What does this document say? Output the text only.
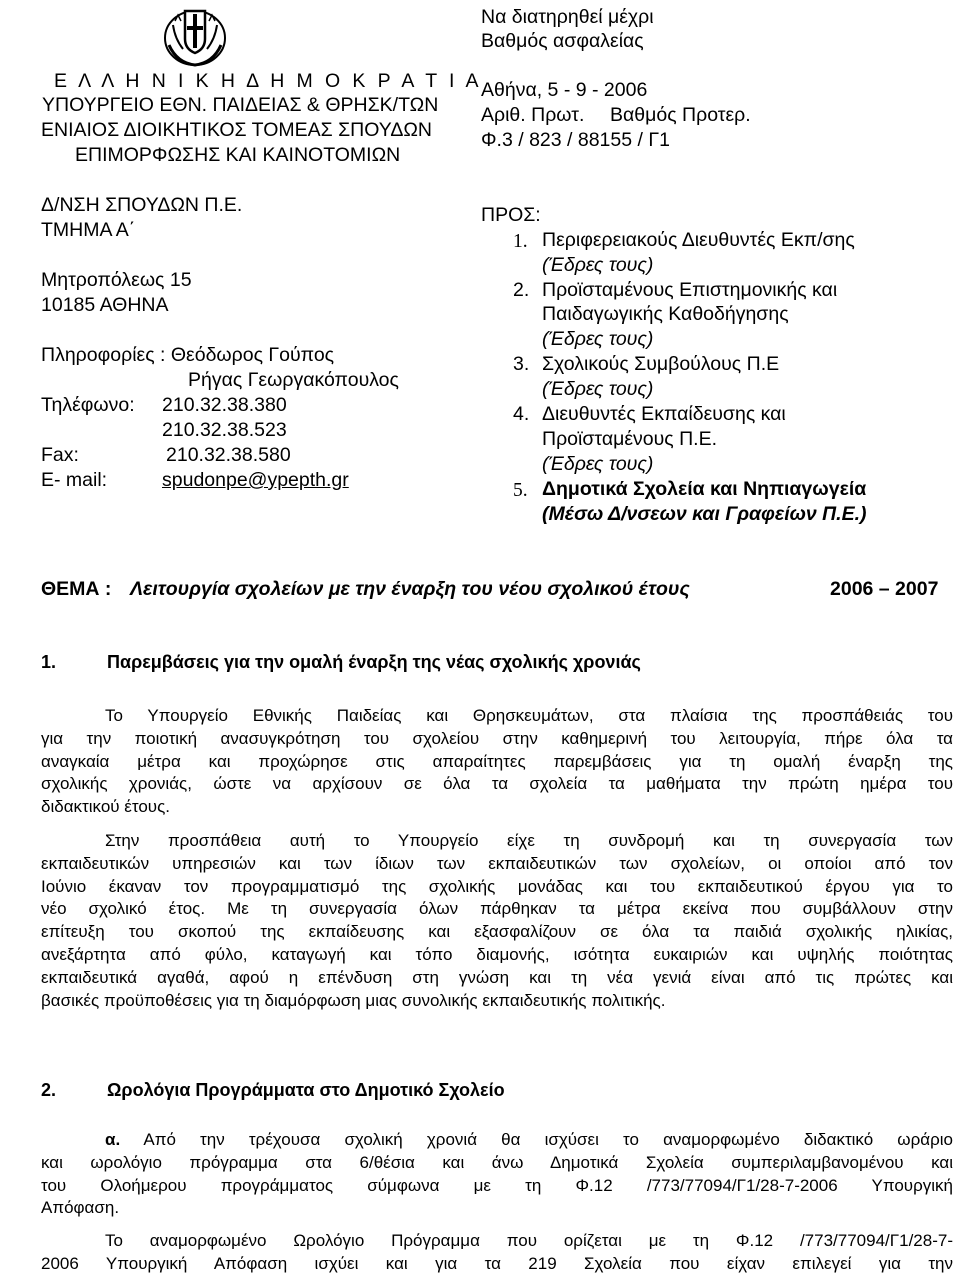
Ε Λ Λ Η Ν Ι Κ Η Δ Η Μ Ο Κ Ρ Α Τ Ι Α
ΥΠΟΥΡΓΕΙΟ ΕΘΝ. ΠΑΙΔΕΙΑΣ & ΘΡΗΣΚ/ΤΩΝ
ΕΝΙΑΙΟΣ ΔΙΟΙΚΗΤΙΚΟΣ ΤΟΜΕΑΣ ΣΠΟΥΔΩΝ
ΕΠΙΜΟΡΦΩΣΗΣ ΚΑΙ ΚΑΙΝΟΤΟΜΙΩΝ
Δ/ΝΣΗ ΣΠΟΥΔΩΝ Π.Ε.
ΤΜΗΜΑ Α΄
Μητροπόλεως 15
10185 ΑΘΗΝΑ
Πληροφορίες : Θεόδωρος Γούπος
Ρήγας Γεωργακόπουλος
Τηλέφωνο: 210.32.38.380
210.32.38.523
Fax:	210.32.38.580
E- mail:	spudonpe@ypepth.gr
Να διατηρηθεί μέχρι
Βαθμός ασφαλείας
Αθήνα, 5 - 9 - 2006
Αριθ. Πρωτ. Βαθμός Προτερ.
Φ.3 / 823 / 88155 / Γ1
ΠΡΟΣ:
1. Περιφερειακούς Διευθυντές Εκπ/σης
(Έδρες τους)
2. Προϊσταμένους Επιστημονικής και
Παιδαγωγικής Καθοδήγησης
(Έδρες τους)
3. Σχολικούς Συμβούλους Π.Ε
(Έδρες τους)
4. Διευθυντές Εκπαίδευσης και
Προϊσταμένους Π.Ε.
(Έδρες τους)
5. Δημοτικά Σχολεία και Νηπιαγωγεία
(Μέσω Δ/νσεων και Γραφείων Π.Ε.)
ΘΕΜΑ : Λειτουργία σχολείων με την έναρξη του νέου σχολικού έτους	2006 – 2007
1.	Παρεμβάσεις για την ομαλή έναρξη της νέας σχολικής χρονιάς
Το Υπουργείο Εθνικής Παιδείας και Θρησκευμάτων, στα πλαίσια της προσπάθειάς του
για την ποιοτική ανασυγκρότηση του σχολείου στην καθημερινή του λειτουργία, πήρε όλα τα
αναγκαία μέτρα και προχώρησε στις απαραίτητες παρεμβάσεις για τη ομαλή έναρξη της
σχολικής χρονιάς, ώστε να αρχίσουν σε όλα τα σχολεία τα μαθήματα την πρώτη ημέρα του
διδακτικού έτους.
Στην προσπάθεια αυτή το Υπουργείο είχε τη συνδρομή και τη συνεργασία των
εκπαιδευτικών υπηρεσιών και των ίδιων των εκπαιδευτικών των σχολείων, οι οποίοι από τον
Ιούνιο έκαναν τον προγραμματισμό της σχολικής μονάδας και του εκπαιδευτικού έργου για το
νέο σχολικό έτος. Με τη συνεργασία όλων πάρθηκαν τα μέτρα εκείνα που συμβάλλουν στην
επίτευξη του σκοπού της εκπαίδευσης και εξασφαλίζουν σε όλα τα παιδιά σχολικής ηλικίας,
ανεξάρτητα από φύλο, καταγωγή και τόπο διαμονής, ισότητα ευκαιριών και υψηλής ποιότητας
εκπαιδευτικά αγαθά, αφού η επένδυση στη γνώση και τη νέα γενιά είναι από τις πρώτες και
βασικές προϋποθέσεις για τη διαμόρφωση μιας συνολικής εκπαιδευτικής πολιτικής.
2.	Ωρολόγια Προγράμματα στο Δημοτικό Σχολείο
α. Από την τρέχουσα σχολική χρονιά θα ισχύσει το αναμορφωμένο διδακτικό ωράριο
και ωρολόγιο πρόγραμμα στα 6/θέσια και άνω Δημοτικά Σχολεία συμπεριλαμβανομένου και
του Ολοήμερου προγράμματος σύμφωνα με τη Φ.12 /773/77094/Γ1/28-7-2006 Υπουργική
Απόφαση.
Το αναμορφωμένο Ωρολόγιο Πρόγραμμα που ορίζεται με τη Φ.12 /773/77094/Γ1/28-7-
2006 Υπουργική Απόφαση ισχύει και για τα 219 Σχολεία που είχαν επιλεγεί για την
